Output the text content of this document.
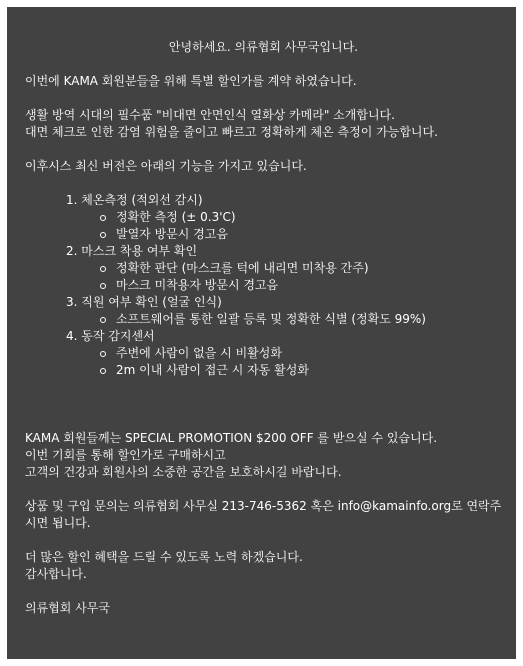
안녕하세요. 의류협회 사무국입니다.

이번에 KAMA 회원분들을 위해 특별 할인가를 계약 하였습니다.

생활 방역 시대의 필수품 "비대면 안면인식 열화상 카메라" 소개합니다.

대면 체크로 인한 감염 위험을 줄이고 빠르고 정확하게 체온 측정이 가능합니다.

이후시스 최신 버전은 아래의 기능을 가지고 있습니다.

1. 체온측정 (적외선 감시)
정확한 측정 (± 0.3'C)
발열자 방문시 경고음
2. 마스크 착용 여부 확인
정확한 판단 (마스크를 턱에 내리면 미착용 간주)
마스크 미착용자 방문시 경고음
3. 직원 여부 확인 (얼굴 인식)
소프트웨어를 통한 일괄 등록 및 정확한 식별 (정확도 99%)
4. 동작 감지센서
주변에 사람이 없을 시 비활성화
2m 이내 사람이 접근 시 자동 활성화

KAMA 회원들께는 SPECIAL PROMOTION $200 OFF 를 받으실 수 있습니다.

이번 기회를 통해 할인가로 구매하시고

고객의 건강과 회원사의 소중한 공간을 보호하시길 바랍니다.

상품 및 구입 문의는 의류협회 사무실 213-746-5362 혹은 info@kamainfo.org로 연락주시면 됩니다.

더 많은 할인 혜택을 드릴 수 있도록 노력 하겠습니다.

감사합니다.

의류협회 사무국
